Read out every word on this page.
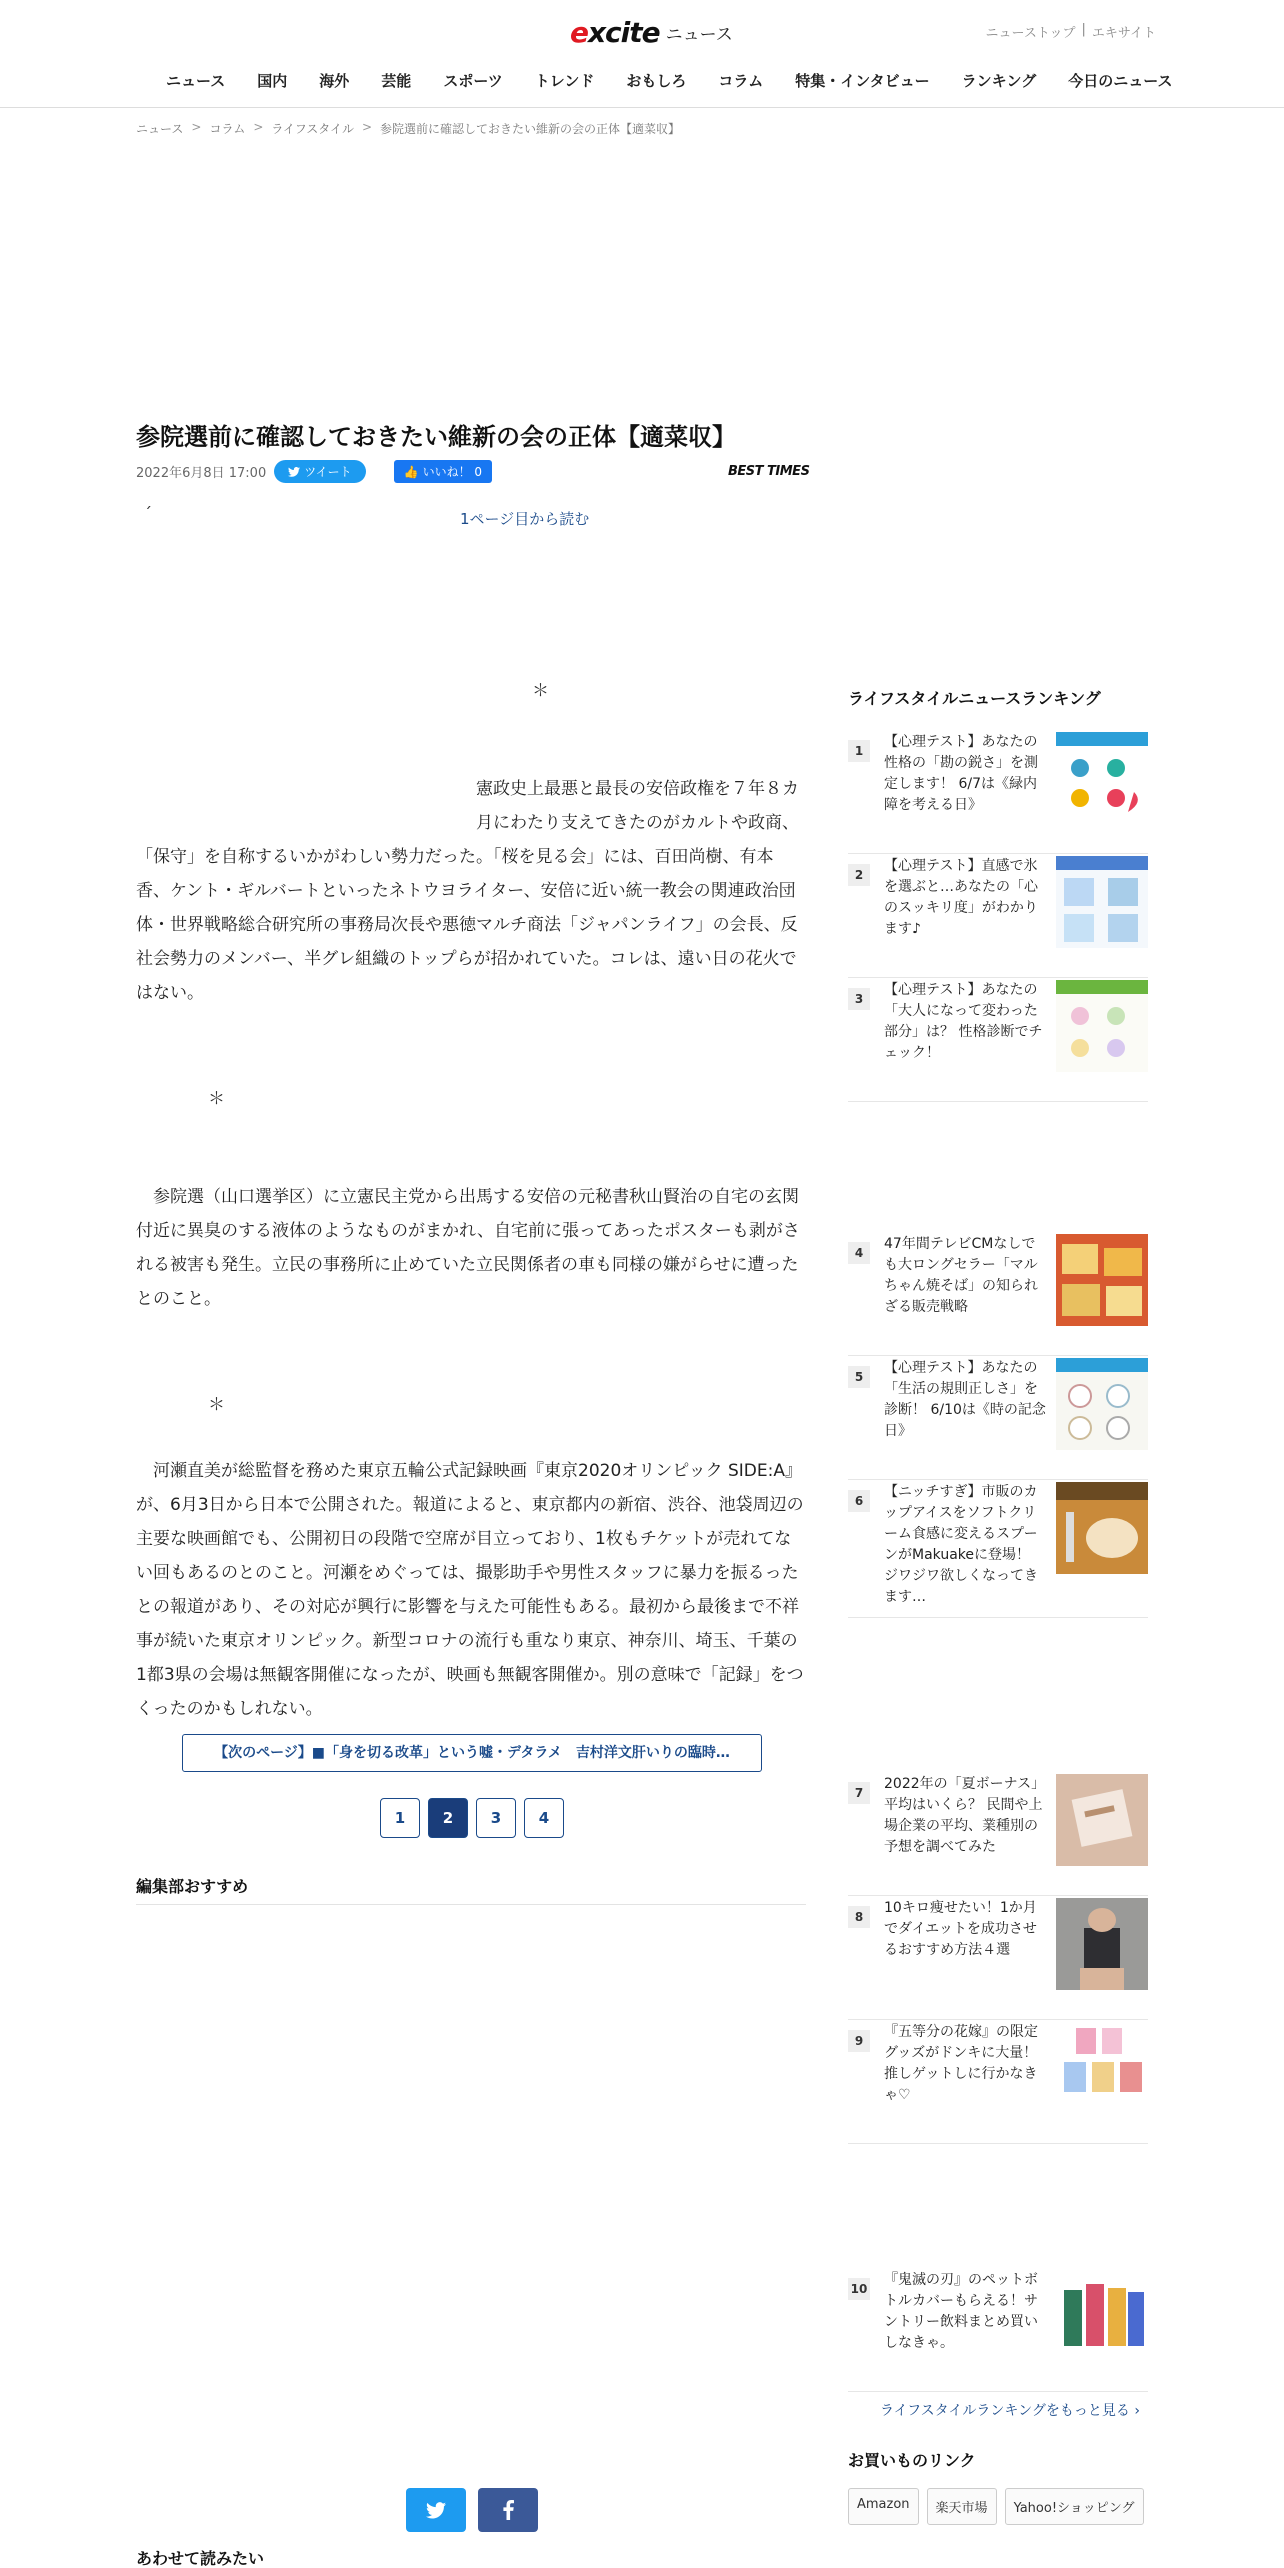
excite ニュース	ニューストップ | エキサイト
ニュース	国内	海外	芸能	スポーツ	トレンド	おもしろ	コラム	特集・インタビュー	ランキング	今日のニュース
ニュース > コラム > ライフスタイル > 参院選前に確認しておきたい維新の会の正体【適菜収】
参院選前に確認しておきたい維新の会の正体【適菜収】
2022年6月8日 17:00	ツイート	👍 いいね！ 0	BEST TIMES
´	1ページ目から読む
＊
憲政史上最悪と最長の安倍政権を７年８カ
月にわたり支えてきたのがカルトや政商、

「保守」を自称するいかがわしい勢力だった。「桜を見る会」には、百田尚樹、有本香、ケント・ギルバートといったネトウヨライター、安倍に近い統一教会の関連政治団体・世界戦略総合研究所の事務局次長や悪徳マルチ商法「ジャパンライフ」の会長、反社会勢力のメンバー、半グレ組織のトップらが招かれていた。コレは、遠い日の花火ではない。

＊

参院選（山口選挙区）に立憲民主党から出馬する安倍の元秘書秋山賢治の自宅の玄関付近に異臭のする液体のようなものがまかれ、自宅前に張ってあったポスターも剥がされる被害も発生。立民の事務所に止めていた立民関係者の車も同様の嫌がらせに遭ったとのこと。

＊

河瀬直美が総監督を務めた東京五輪公式記録映画『東京2020オリンピック SIDE:A』が、6月3日から日本で公開された。報道によると、東京都内の新宿、渋谷、池袋周辺の主要な映画館でも、公開初日の段階で空席が目立っており、1枚もチケットが売れてない回もあるのとのこと。河瀬をめぐっては、撮影助手や男性スタッフに暴力を振るったとの報道があり、その対応が興行に影響を与えた可能性もある。最初から最後まで不祥事が続いた東京オリンピック。新型コロナの流行も重なり東京、神奈川、埼玉、千葉の1都3県の会場は無観客開催になったが、映画も無観客開催か。別の意味で「記録」をつくったのかもしれない。

【次のページ】■「身を切る改革」という嘘・デタラメ　吉村洋文肝いりの臨時…
1	2	3	4
編集部おすすめ
あわせて読みたい
ライフスタイルニュースランキング
1
【心理テスト】あなたの性格の「勘の鋭さ」を測定します！ 6/7は《緑内障を考える日》
2
【心理テスト】直感で氷を選ぶと…あなたの「心のスッキリ度」がわかります♪
3
【心理テスト】あなたの「大人になって変わった部分」は？ 性格診断でチェック！
4
47年間テレビCMなしでも大ロングセラー「マルちゃん焼そば」の知られざる販売戦略
5
【心理テスト】あなたの「生活の規則正しさ」を診断！ 6/10は《時の記念日》
6
【ニッチすぎ】市販のカップアイスをソフトクリーム食感に変えるスプーンがMakuakeに登場！ ジワジワ欲しくなってきます…
7
2022年の「夏ボーナス」平均はいくら？ 民間や上場企業の平均、業種別の予想を調べてみた
8
10キロ痩せたい！1か月でダイエットを成功させるおすすめ方法４選
9
『五等分の花嫁』の限定グッズがドンキに大量！ 推しゲットしに行かなきゃ♡
10
『鬼滅の刃』のペットボトルカバーもらえる！サントリー飲料まとめ買いしなきゃ。
ライフスタイルランキングをもっと見る ›
お買いものリンク
Amazon	楽天市場	Yahoo!ショッピング
